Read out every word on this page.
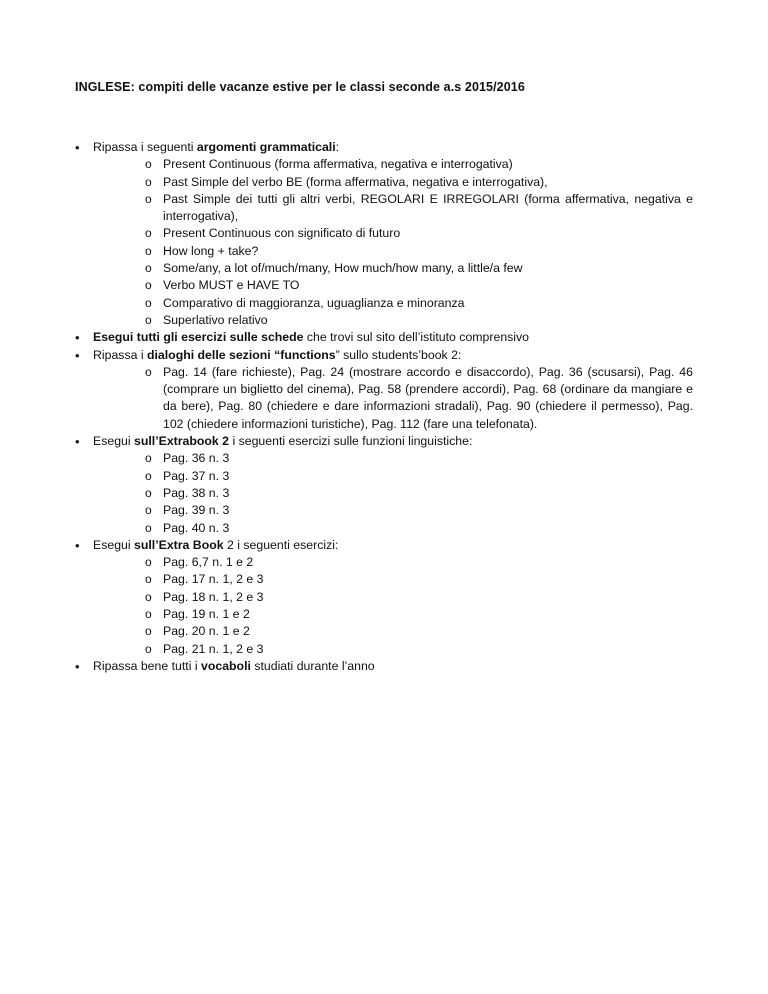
INGLESE: compiti delle vacanze estive per le classi seconde a.s 2015/2016

• Ripassa i seguenti argomenti grammaticali:
o Present Continuous (forma affermativa, negativa e interrogativa)
o Past Simple del verbo BE (forma affermativa, negativa e interrogativa),
o Past Simple dei tutti gli altri verbi, REGOLARI E IRREGOLARI (forma affermativa, negativa e interrogativa),
o Present Continuous con significato di futuro
o How long + take?
o Some/any, a lot of/much/many, How much/how many, a little/a few
o Verbo MUST e HAVE TO
o Comparativo di maggioranza, uguaglianza e minoranza
o Superlativo relativo
• Esegui tutti gli esercizi sulle schede che trovi sul sito dell’istituto comprensivo
• Ripassa i dialoghi delle sezioni “functions” sullo students’book 2:
o Pag. 14 (fare richieste), Pag. 24 (mostrare accordo e disaccordo), Pag. 36 (scusarsi), Pag. 46 (comprare un biglietto del cinema), Pag. 58 (prendere accordi), Pag. 68 (ordinare da mangiare e da bere), Pag. 80 (chiedere e dare informazioni stradali), Pag. 90 (chiedere il permesso), Pag. 102 (chiedere informazioni turistiche), Pag. 112 (fare una telefonata).
• Esegui sull’Extrabook 2 i seguenti esercizi sulle funzioni linguistiche:
o Pag. 36 n. 3
o Pag. 37 n. 3
o Pag. 38 n. 3
o Pag. 39 n. 3
o Pag. 40 n. 3
• Esegui sull’Extra Book 2 i seguenti esercizi:
o Pag. 6,7 n. 1 e 2
o Pag. 17 n. 1, 2 e 3
o Pag. 18 n. 1, 2 e 3
o Pag. 19 n. 1 e 2
o Pag. 20 n. 1 e 2
o Pag. 21 n. 1, 2 e 3
• Ripassa bene tutti i vocaboli studiati durante l’anno
